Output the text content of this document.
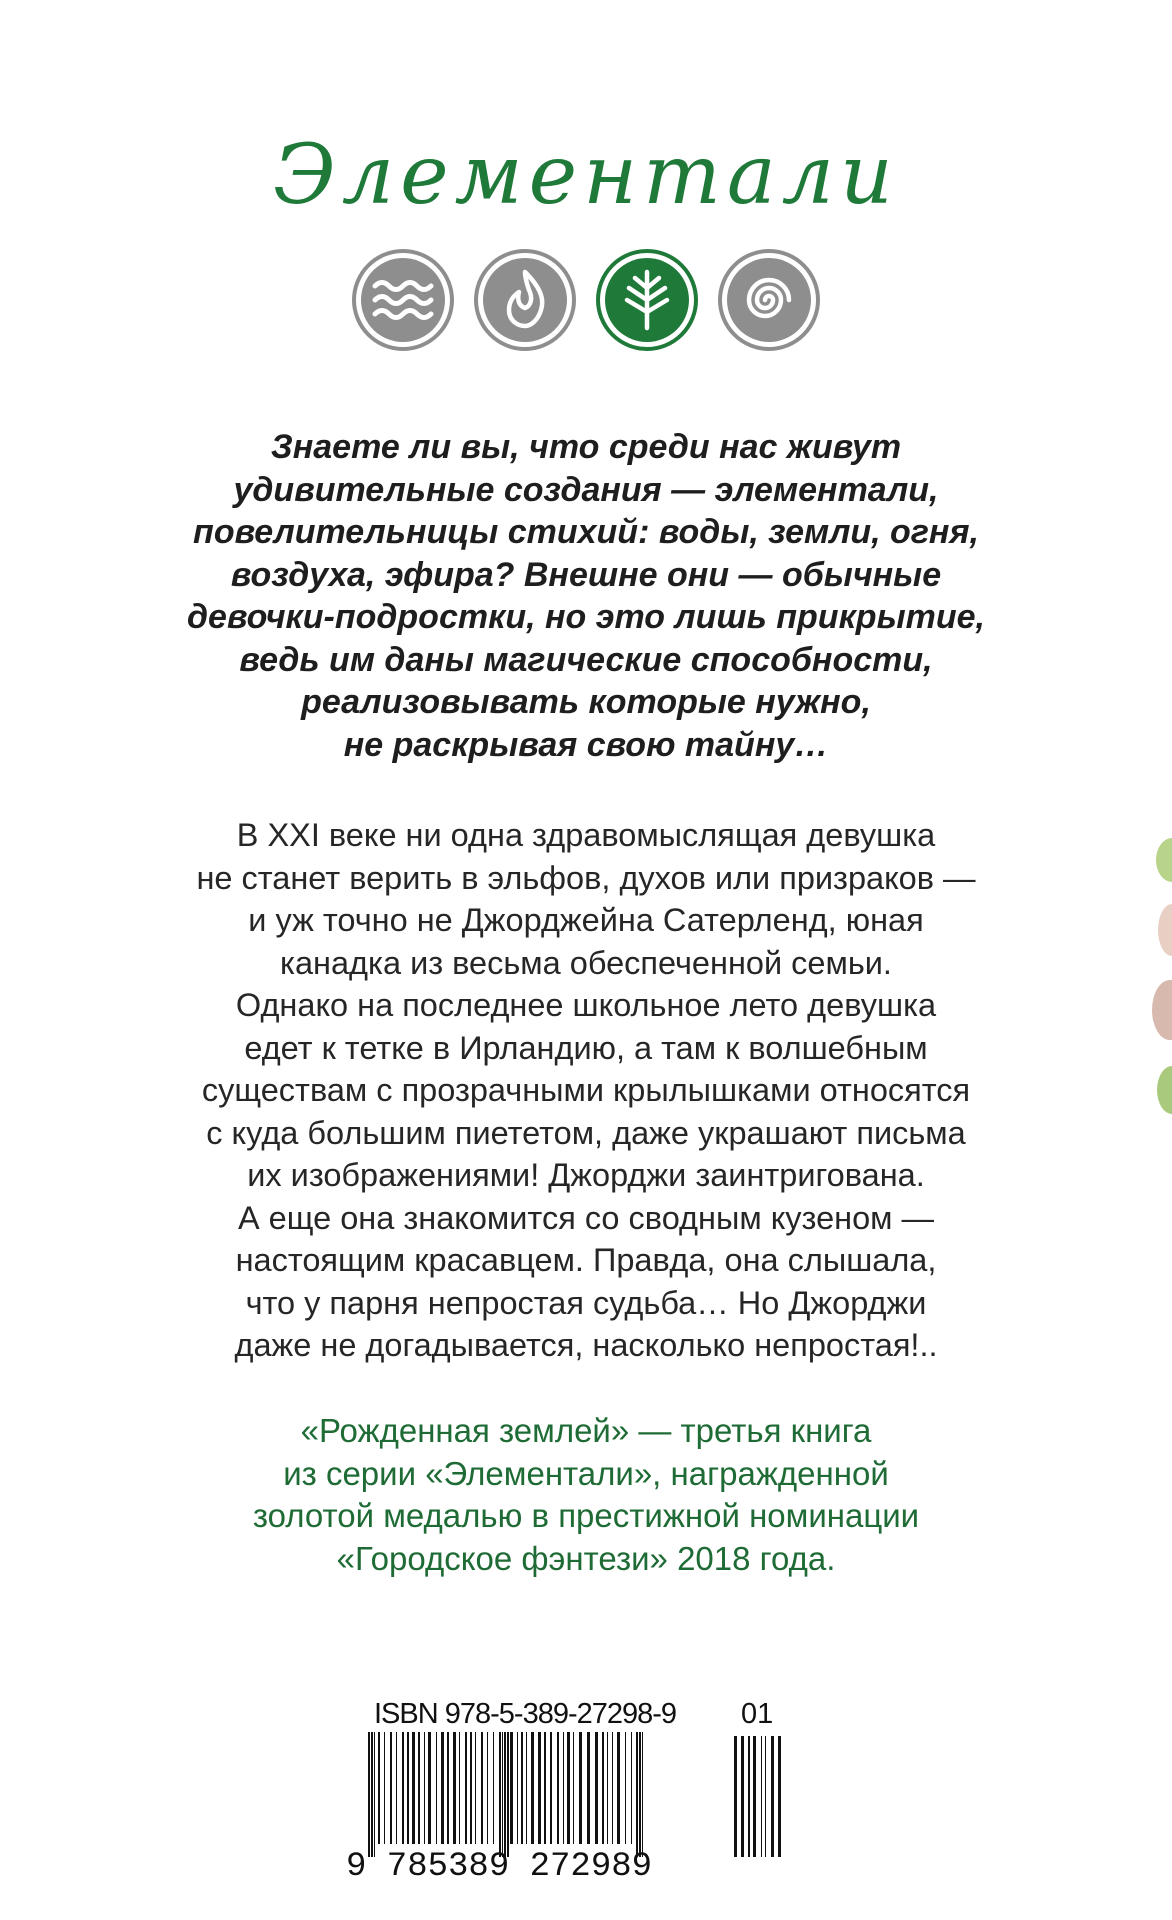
Элементали
Знаете ли вы, что среди нас живут
удивительные создания — элементали,
повелительницы стихий: воды, земли, огня,
воздуха, эфира? Внешне они — обычные
девочки-подростки, но это лишь прикрытие,
ведь им даны магические способности,
реализовывать которые нужно,
не раскрывая свою тайну…
В XXI веке ни одна здравомыслящая девушка
не станет верить в эльфов, духов или призраков —
и уж точно не Джорджейна Сатерленд, юная
канадка из весьма обеспеченной семьи.
Однако на последнее школьное лето девушка
едет к тетке в Ирландию, а там к волшебным
существам с прозрачными крылышками относятся
с куда большим пиететом, даже украшают письма
их изображениями! Джорджи заинтригована.
А еще она знакомится со сводным кузеном —
настоящим красавцем. Правда, она слышала,
что у парня непростая судьба… Но Джорджи
даже не догадывается, насколько непростая!..
«Рожденная землей» — третья книга
из серии «Элементали», награжденной
золотой медалью в престижной номинации
«Городское фэнтези» 2018 года.
ISBN 978-5-389-27298-9 01
9 785389 272989
